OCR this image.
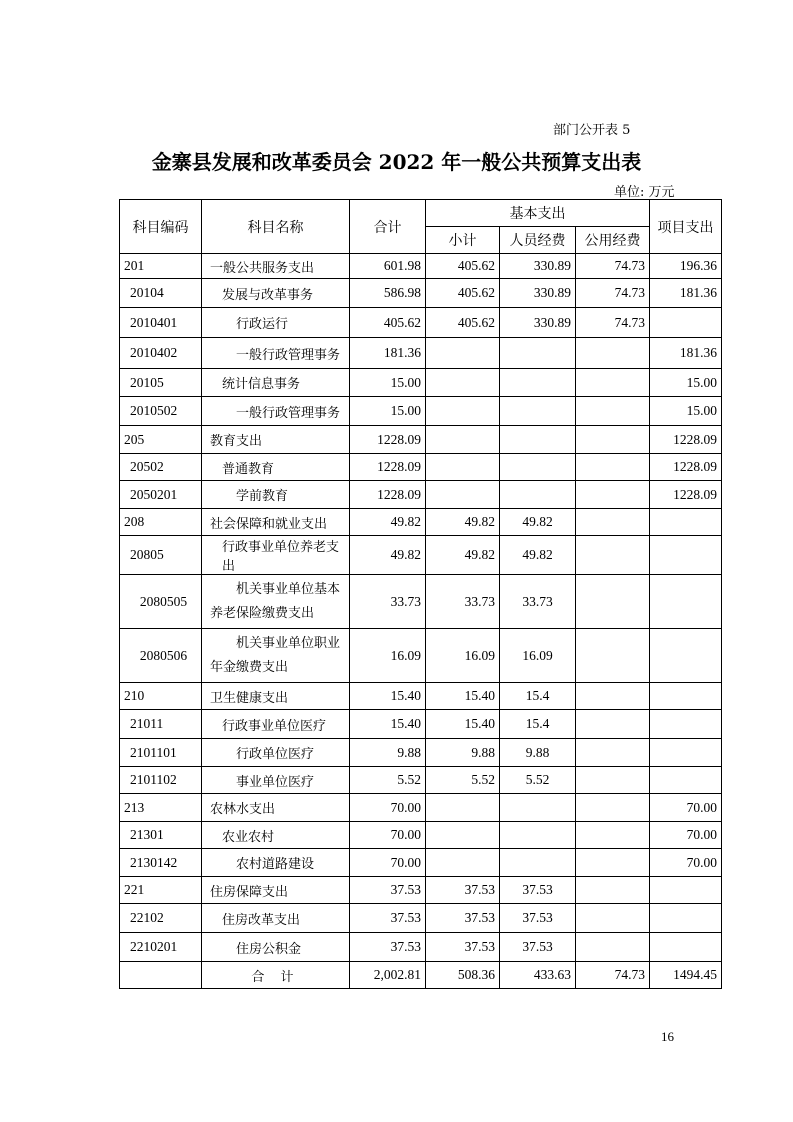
部门公开表 5
金寨县发展和改革委员会 2022 年一般公共预算支出表
单位: 万元
科目编码	科目名称	合计	基本支出			项目支出
			小计	人员经费	公用经费	
201	一般公共服务支出	601.98	405.62	330.89	74.73	196.36
20104	发展与改革事务	586.98	405.62	330.89	74.73	181.36
2010401	行政运行	405.62	405.62	330.89	74.73	
2010402	一般行政管理事务	181.36				181.36
20105	统计信息事务	15.00				15.00
2010502	一般行政管理事务	15.00				15.00
205	教育支出	1228.09				1228.09
20502	普通教育	1228.09				1228.09
2050201	学前教育	1228.09				1228.09
208	社会保障和就业支出	49.82	49.82	49.82		
20805	行政事业单位养老支出	49.82	49.82	49.82		
2080505	机关事业单位基本养老保险缴费支出	33.73	33.73	33.73		
2080506	机关事业单位职业年金缴费支出	16.09	16.09	16.09		
210	卫生健康支出	15.40	15.40	15.4		
21011	行政事业单位医疗	15.40	15.40	15.4		
2101101	行政单位医疗	9.88	9.88	9.88		
2101102	事业单位医疗	5.52	5.52	5.52		
213	农林水支出	70.00				70.00
21301	农业农村	70.00				70.00
2130142	农村道路建设	70.00				70.00
221	住房保障支出	37.53	37.53	37.53		
22102	住房改革支出	37.53	37.53	37.53		
2210201	住房公积金	37.53	37.53	37.53		
	合 计	2,002.81	508.36	433.63	74.73	1494.45
16
